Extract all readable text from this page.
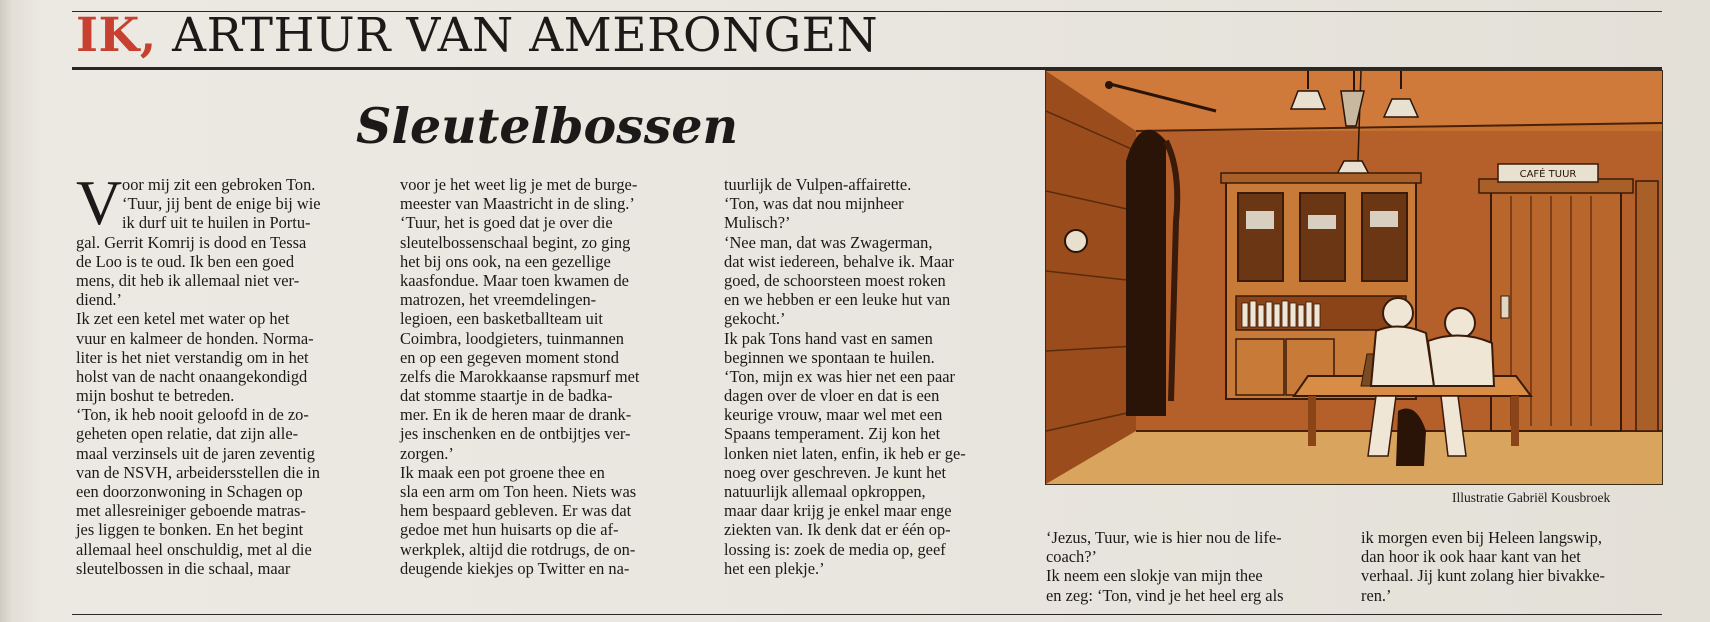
IK, ARTHUR VAN AMERONGEN
Sleutelbossen
V oor mij zit een gebroken Ton.
‘Tuur, jij bent de enige bij wie
ik durf uit te huilen in Portu-
gal. Gerrit Komrij is dood en Tessa
de Loo is te oud. Ik ben een goed
mens, dit heb ik allemaal niet ver-
diend.’
Ik zet een ketel met water op het
vuur en kalmeer de honden. Norma-
liter is het niet verstandig om in het
holst van de nacht onaangekondigd
mijn boshut te betreden.
‘Ton, ik heb nooit geloofd in de zo-
geheten open relatie, dat zijn alle-
maal verzinsels uit de jaren zeventig
van de NSVH, arbeidersstellen die in
een doorzonwoning in Schagen op
met allesreiniger geboende matras-
jes liggen te bonken. En het begint
allemaal heel onschuldig, met al die
sleutelbossen in die schaal, maar
voor je het weet lig je met de burge-
meester van Maastricht in de sling.’
‘Tuur, het is goed dat je over die
sleutelbossenschaal begint, zo ging
het bij ons ook, na een gezellige
kaasfondue. Maar toen kwamen de
matrozen, het vreemdelingen-
legioen, een basketballteam uit
Coimbra, loodgieters, tuinmannen
en op een gegeven moment stond
zelfs die Marokkaanse rapsmurf met
dat stomme staartje in de badka-
mer. En ik de heren maar de drank-
jes inschenken en de ontbijtjes ver-
zorgen.’
Ik maak een pot groene thee en
sla een arm om Ton heen. Niets was
hem bespaard gebleven. Er was dat
gedoe met hun huisarts op die af-
werkplek, altijd die rotdrugs, de on-
deugende kiekjes op Twitter en na-
tuurlijk de Vulpen-affairette.
‘Ton, was dat nou mijnheer
Mulisch?’
‘Nee man, dat was Zwagerman,
dat wist iedereen, behalve ik. Maar
goed, de schoorsteen moest roken
en we hebben er een leuke hut van
gekocht.’
Ik pak Tons hand vast en samen
beginnen we spontaan te huilen.
‘Ton, mijn ex was hier net een paar
dagen over de vloer en dat is een
keurige vrouw, maar wel met een
Spaans temperament. Zij kon het
lonken niet laten, enfin, ik heb er ge-
noeg over geschreven. Je kunt het
natuurlijk allemaal opkroppen,
maar daar krijg je enkel maar enge
ziekten van. Ik denk dat er één op-
lossing is: zoek de media op, geef
het een plekje.’
‘Jezus, Tuur, wie is hier nou de life-
coach?’
Ik neem een slokje van mijn thee
en zeg: ‘Ton, vind je het heel erg als
ik morgen even bij Heleen langswip,
dan hoor ik ook haar kant van het
verhaal. Jij kunt zolang hier bivakke-
ren.’
CAFÉ TUUR
Illustratie Gabriël Kousbroek
